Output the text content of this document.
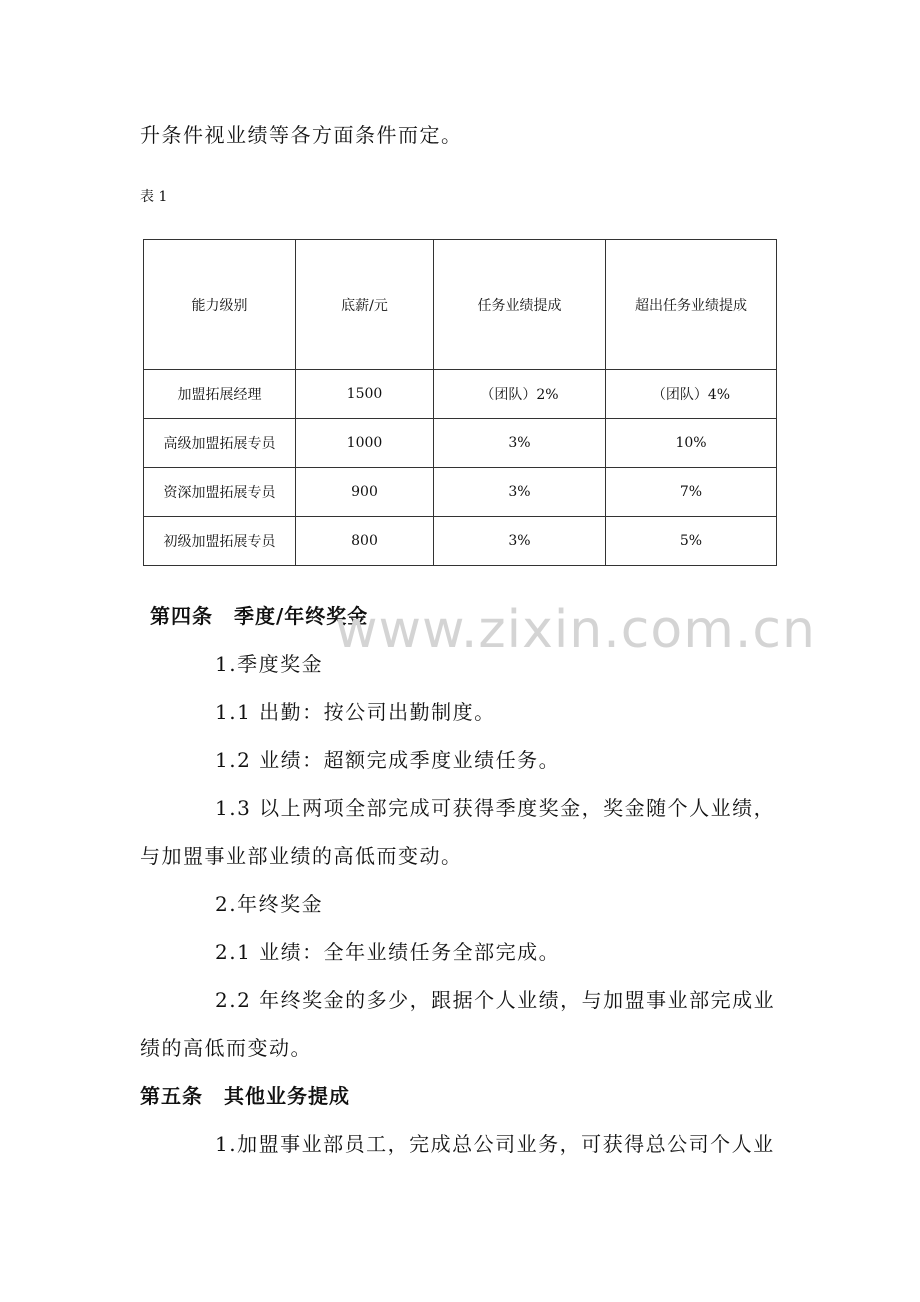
升条件视业绩等各方面条件而定。
表 1
能力级别	底薪/元	任务业绩提成	超出任务业绩提成
加盟拓展经理	1500	（团队）2%	（团队）4%
高级加盟拓展专员	1000	3%	10%
资深加盟拓展专员	900	3%	7%
初级加盟拓展专员	800	3%	5%
第四条　季度/年终奖金
1.季度奖金
1.1 出勤：按公司出勤制度。
1.2 业绩：超额完成季度业绩任务。
1.3 以上两项全部完成可获得季度奖金，奖金随个人业绩，
与加盟事业部业绩的高低而变动。
2.年终奖金
2.1 业绩：全年业绩任务全部完成。
2.2 年终奖金的多少，跟据个人业绩，与加盟事业部完成业
绩的高低而变动。
第五条　其他业务提成
1.加盟事业部员工，完成总公司业务，可获得总公司个人业
www.zixin.com.cn
